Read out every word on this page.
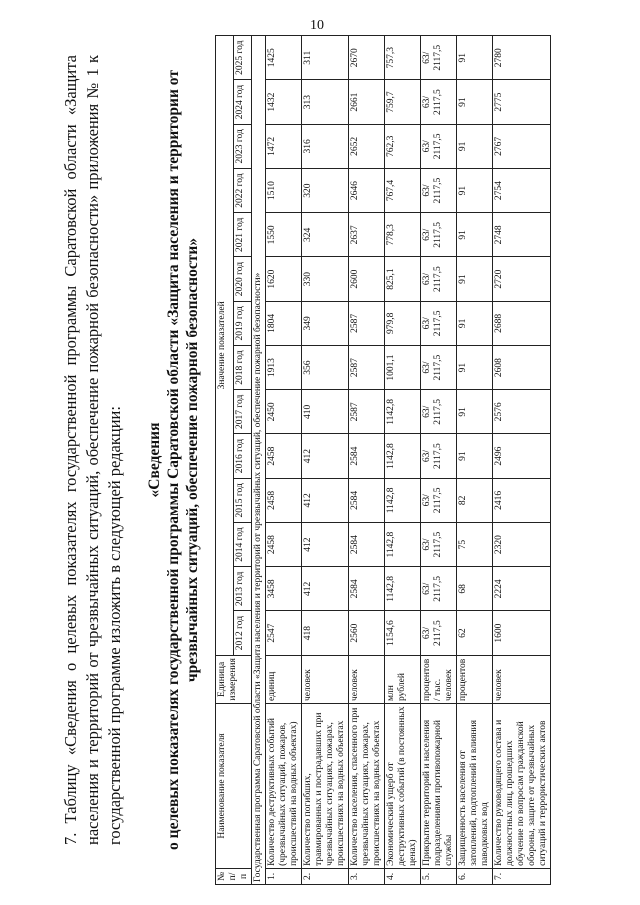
10

7. Таблицу «Сведения о целевых показателях государственной программы Саратовской области «Защита населения и территорий от чрезвычайных ситуаций, обеспечение пожарной безопасности» приложения № 1 к государственной программе изложить в следующей редакции: «Сведения о целевых показателях государственной программы Саратовской области «Защита населения и территории от чрезвычайных ситуаций, обеспечение пожарной безопасности»
№ п/п	Наименование показателя	Единица измерения	Значение показателей													
			2012 год	2013 год	2014 год	2015 год	2016 год	2017 год	2018 год	2019 год	2020 год	2021 год	2022 год	2023 год	2024 год	2025 год
Государственная программа Саратовской области «Защита населения и территорий от чрезвычайных ситуаций, обеспечение пожарной безопасности»																
1.	Количество деструктивных событий (чрезвычайных ситуаций, пожаров, происшествий на водных объектах)	единиц	2547	3458	2458	2458	2458	2450	1913	1804	1620	1550	1510	1472	1432	1425
2.	Количество погибших, травмированных и пострадавших при чрезвычайных ситуациях, пожарах, происшествиях на водных объектах	человек	418	412	412	412	412	410	356	349	330	324	320	316	313	311
3.	Количество населения, спасенного при чрезвычайных ситуациях, пожарах, происшествиях на водных объектах	человек	2560	2584	2584	2584	2584	2587	2587	2587	2600	2637	2646	2652	2661	2670
4.	Экономический ущерб от деструктивных событий (в постоянных ценах)	млн рублей	1154,6	1142,8	1142,8	1142,8	1142,8	1142,8	1001,1	979,8	825,1	778,3	767,4	762,3	759,7	757,3
5.	Прикрытие территорий и населения подразделениями противопожарной службы	процентов / тыс. человек	63/ 2117,5	63/ 2117,5	63/ 2117,5	63/ 2117,5	63/ 2117,5	63/ 2117,5	63/ 2117,5	63/ 2117,5	63/ 2117,5	63/ 2117,5	63/ 2117,5	63/ 2117,5	63/ 2117,5	63/ 2117,5
6.	Защищенность населения от затоплений, подтоплений и влияния паводковых вод	процентов	62	68	75	82	91	91	91	91	91	91	91	91	91	91
7.	Количество руководящего состава и должностных лиц, прошедших обучение по вопросам гражданской обороны, защите от чрезвычайных ситуаций и террористических актов	человек	1600	2224	2320	2416	2496	2576	2608	2688	2720	2748	2754	2767	2775	2780
